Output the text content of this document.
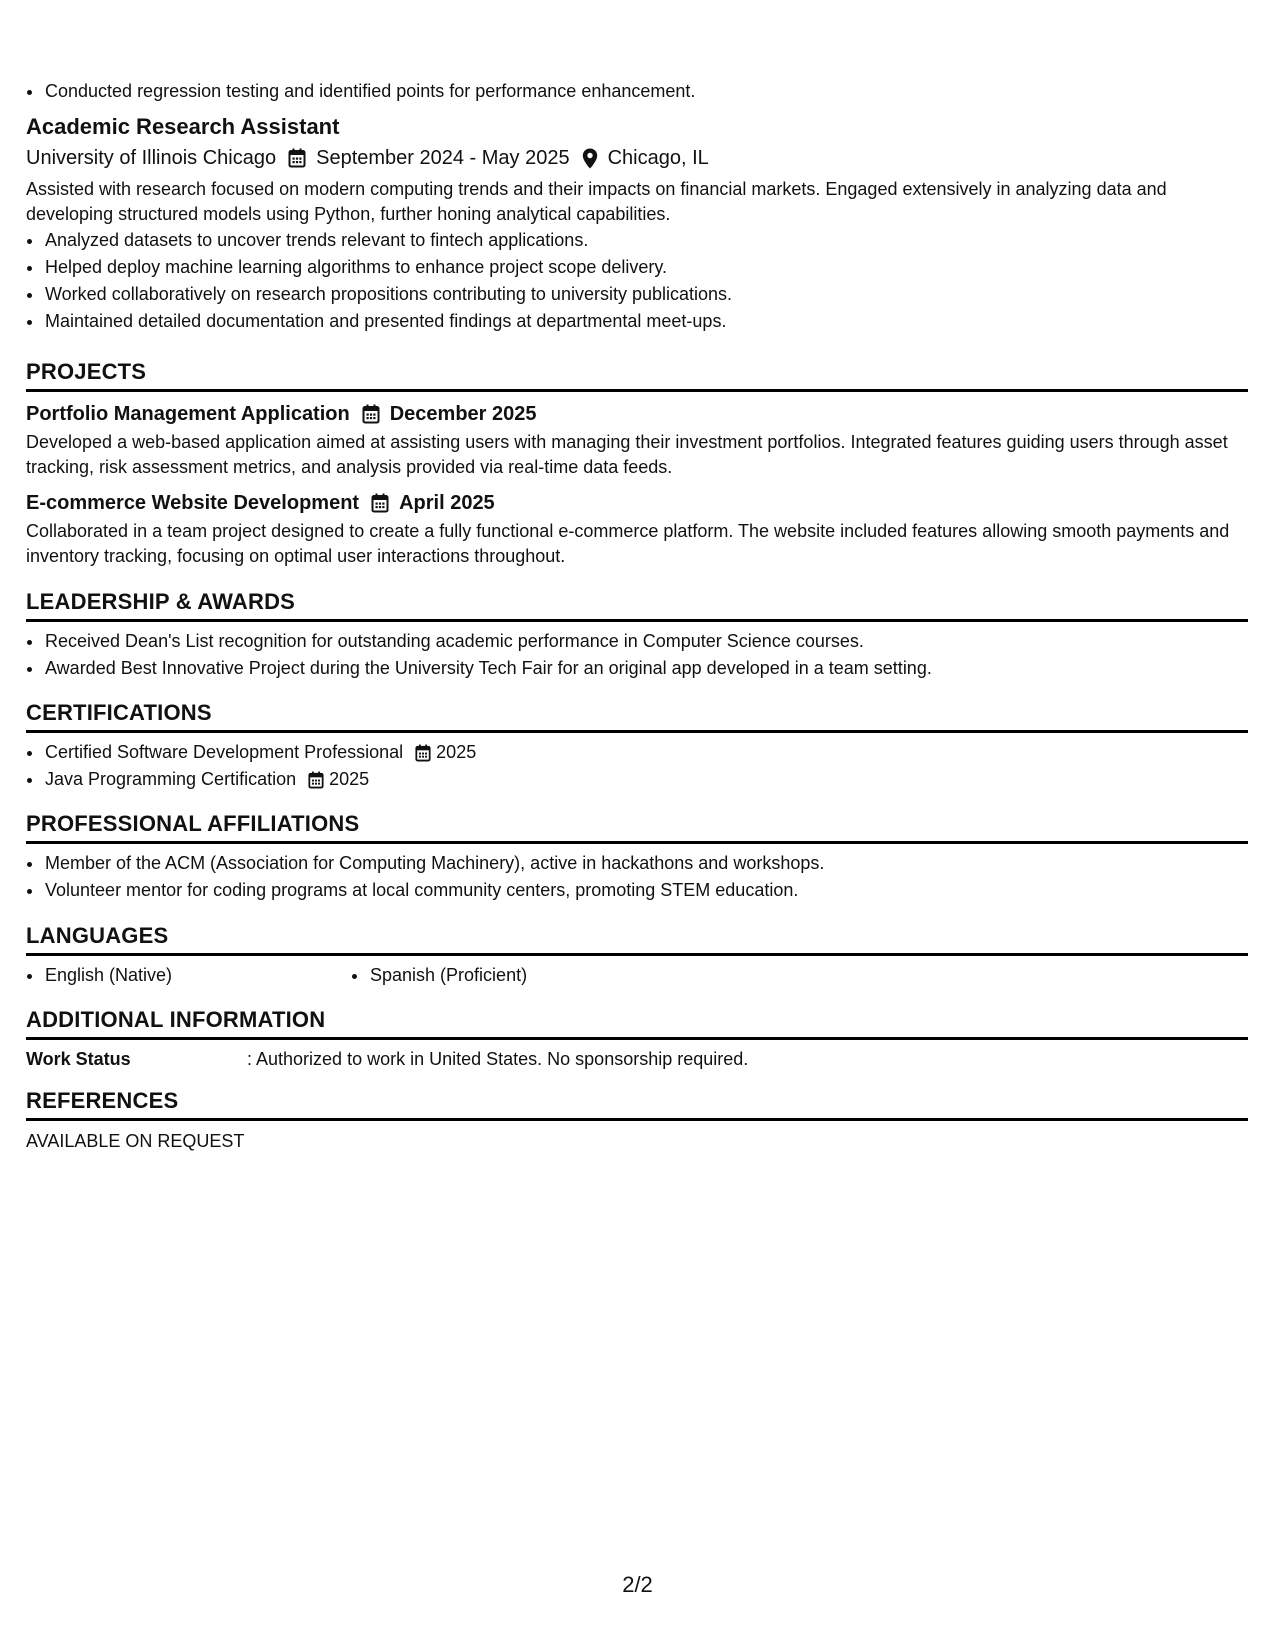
Conducted regression testing and identified points for performance enhancement.
Academic Research Assistant
University of Illinois Chicago September 2024 - May 2025 Chicago, IL
Assisted with research focused on modern computing trends and their impacts on financial markets. Engaged extensively in analyzing data and developing structured models using Python, further honing analytical capabilities.
Analyzed datasets to uncover trends relevant to fintech applications.
Helped deploy machine learning algorithms to enhance project scope delivery.
Worked collaboratively on research propositions contributing to university publications.
Maintained detailed documentation and presented findings at departmental meet-ups.
PROJECTS
Portfolio Management Application December 2025
Developed a web-based application aimed at assisting users with managing their investment portfolios. Integrated features guiding users through asset tracking, risk assessment metrics, and analysis provided via real-time data feeds.
E-commerce Website Development April 2025
Collaborated in a team project designed to create a fully functional e-commerce platform. The website included features allowing smooth payments and inventory tracking, focusing on optimal user interactions throughout.
LEADERSHIP & AWARDS
Received Dean's List recognition for outstanding academic performance in Computer Science courses.
Awarded Best Innovative Project during the University Tech Fair for an original app developed in a team setting.
CERTIFICATIONS
Certified Software Development Professional 2025
Java Programming Certification 2025
PROFESSIONAL AFFILIATIONS
Member of the ACM (Association for Computing Machinery), active in hackathons and workshops.
Volunteer mentor for coding programs at local community centers, promoting STEM education.
LANGUAGES
English (Native)	Spanish (Proficient)
ADDITIONAL INFORMATION
Work Status	: Authorized to work in United States. No sponsorship required.
REFERENCES
AVAILABLE ON REQUEST
2/2
